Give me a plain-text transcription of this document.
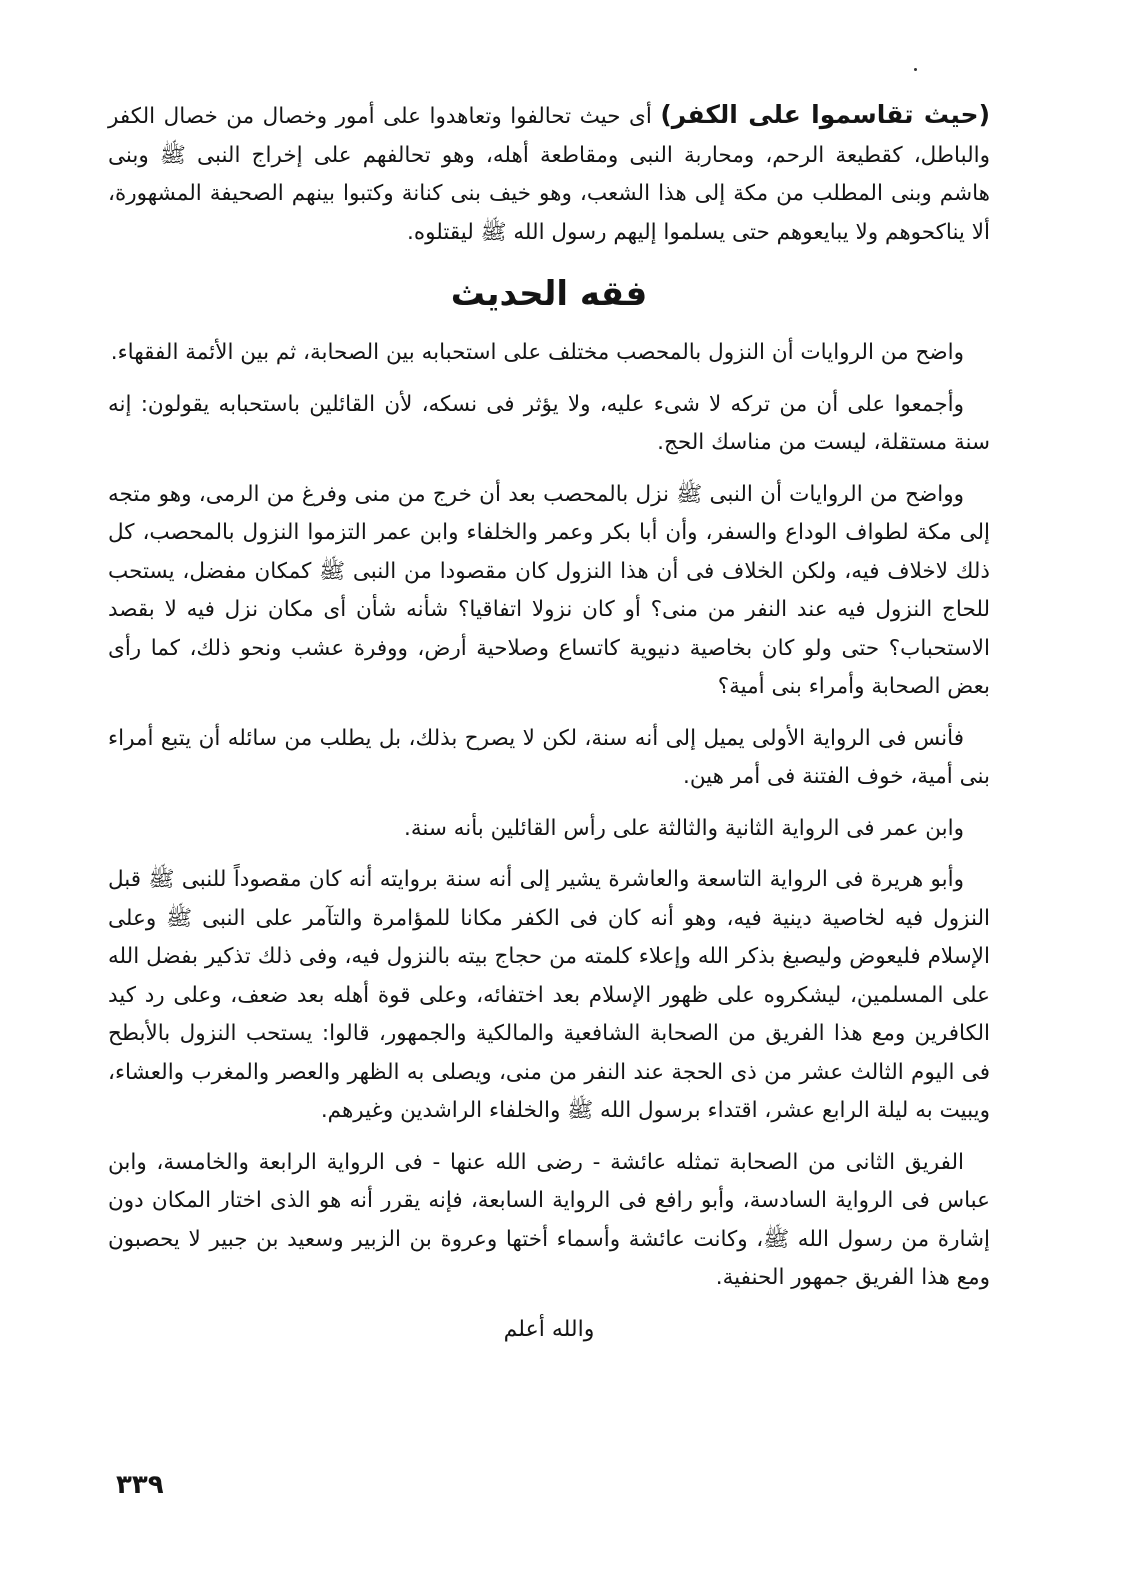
(حيث تقاسموا على الكفر) أى حيث تحالفوا وتعاهدوا على أمور وخصال من خصال الكفر والباطل، كقطيعة الرحم، ومحاربة النبى ومقاطعة أهله، وهو تحالفهم على إخراج النبى ﷺ وبنى هاشم وبنى المطلب من مكة إلى هذا الشعب، وهو خيف بنى كنانة وكتبوا بينهم الصحيفة المشهورة، ألا يناكحوهم ولا يبايعوهم حتى يسلموا إليهم رسول الله ﷺ ليقتلوه.

فقه الحديث

واضح من الروايات أن النزول بالمحصب مختلف على استحبابه بين الصحابة، ثم بين الأئمة الفقهاء.

وأجمعوا على أن من تركه لا شىء عليه، ولا يؤثر فى نسكه، لأن القائلين باستحبابه يقولون: إنه سنة مستقلة، ليست من مناسك الحج.

وواضح من الروايات أن النبى ﷺ نزل بالمحصب بعد أن خرج من منى وفرغ من الرمى، وهو متجه إلى مكة لطواف الوداع والسفر، وأن أبا بكر وعمر والخلفاء وابن عمر التزموا النزول بالمحصب، كل ذلك لاخلاف فيه، ولكن الخلاف فى أن هذا النزول كان مقصودا من النبى ﷺ كمكان مفضل، يستحب للحاج النزول فيه عند النفر من منى؟ أو كان نزولا اتفاقيا؟ شأنه شأن أى مكان نزل فيه لا بقصد الاستحباب؟ حتى ولو كان بخاصية دنيوية كاتساع وصلاحية أرض، ووفرة عشب ونحو ذلك، كما رأى بعض الصحابة وأمراء بنى أمية؟

فأنس فى الرواية الأولى يميل إلى أنه سنة، لكن لا يصرح بذلك، بل يطلب من سائله أن يتبع أمراء بنى أمية، خوف الفتنة فى أمر هين.

وابن عمر فى الرواية الثانية والثالثة على رأس القائلين بأنه سنة.

وأبو هريرة فى الرواية التاسعة والعاشرة يشير إلى أنه سنة بروايته أنه كان مقصوداً للنبى ﷺ قبل النزول فيه لخاصية دينية فيه، وهو أنه كان فى الكفر مكانا للمؤامرة والتآمر على النبى ﷺ وعلى الإسلام فليعوض وليصبغ بذكر الله وإعلاء كلمته من حجاج بيته بالنزول فيه، وفى ذلك تذكير بفضل الله على المسلمين، ليشكروه على ظهور الإسلام بعد اختفائه، وعلى قوة أهله بعد ضعف، وعلى رد كيد الكافرين ومع هذا الفريق من الصحابة الشافعية والمالكية والجمهور، قالوا: يستحب النزول بالأبطح فى اليوم الثالث عشر من ذى الحجة عند النفر من منى، ويصلى به الظهر والعصر والمغرب والعشاء، ويبيت به ليلة الرابع عشر، اقتداء برسول الله ﷺ والخلفاء الراشدين وغيرهم.

الفريق الثانى من الصحابة تمثله عائشة - رضى الله عنها - فى الرواية الرابعة والخامسة، وابن عباس فى الرواية السادسة، وأبو رافع فى الرواية السابعة، فإنه يقرر أنه هو الذى اختار المكان دون إشارة من رسول الله ﷺ، وكانت عائشة وأسماء أختها وعروة بن الزبير وسعيد بن جبير لا يحصبون ومع هذا الفريق جمهور الحنفية.

والله أعلم

٣٣٩
